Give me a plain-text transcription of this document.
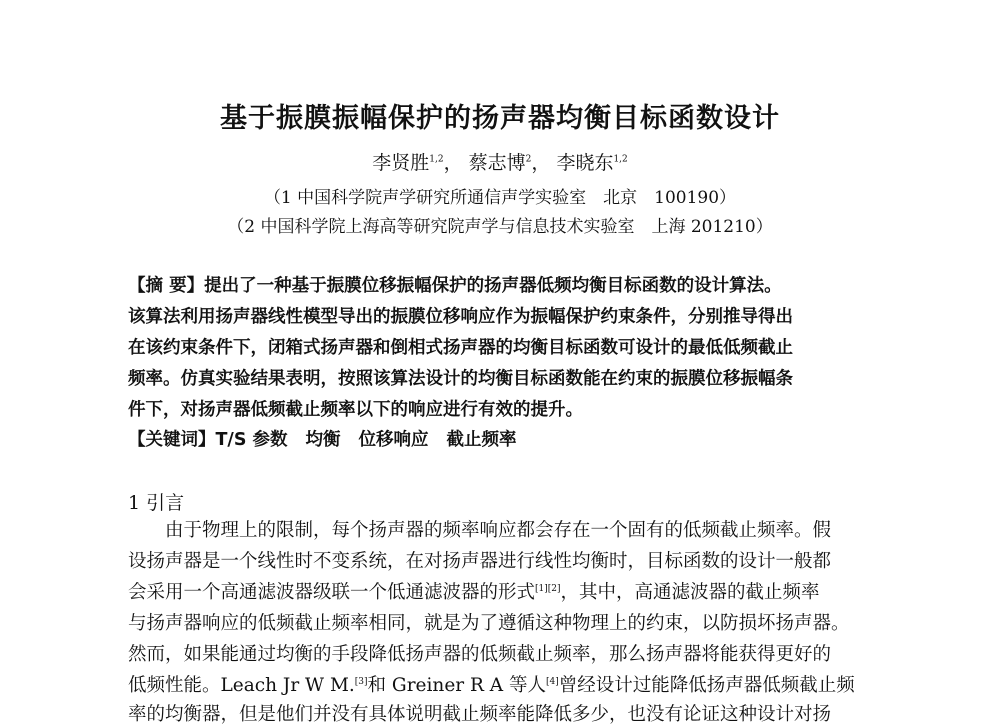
基于振膜振幅保护的扬声器均衡目标函数设计
李贤胜$^{1,2}$， 蔡志博$^2$， 李晓东$^{1,2}$
（1 中国科学院声学研究所通信声学实验室　北京　100190）
（2 中国科学院上海高等研究院声学与信息技术实验室　上海 201210）
【摘 要】提出了一种基于振膜位移振幅保护的扬声器低频均衡目标函数的设计算法。
该算法利用扬声器线性模型导出的振膜位移响应作为振幅保护约束条件，分别推导得出
在该约束条件下，闭箱式扬声器和倒相式扬声器的均衡目标函数可设计的最低低频截止
频率。仿真实验结果表明，按照该算法设计的均衡目标函数能在约束的振膜位移振幅条
件下，对扬声器低频截止频率以下的响应进行有效的提升。
【关键词】T/S 参数 均衡 位移响应 截止频率
1 引言
由于物理上的限制，每个扬声器的频率响应都会存在一个固有的低频截止频率。假
设扬声器是一个线性时不变系统，在对扬声器进行线性均衡时，目标函数的设计一般都
会采用一个高通滤波器级联一个低通滤波器的形式[1][2]，其中，高通滤波器的截止频率
与扬声器响应的低频截止频率相同，就是为了遵循这种物理上的约束，以防损坏扬声器。
然而，如果能通过均衡的手段降低扬声器的低频截止频率，那么扬声器将能获得更好的
低频性能。Leach Jr W M.[3]和 Greiner R A 等人[4]曾经设计过能降低扬声器低频截止频
率的均衡器，但是他们并没有具体说明截止频率能降低多少，也没有论证这种设计对扬
